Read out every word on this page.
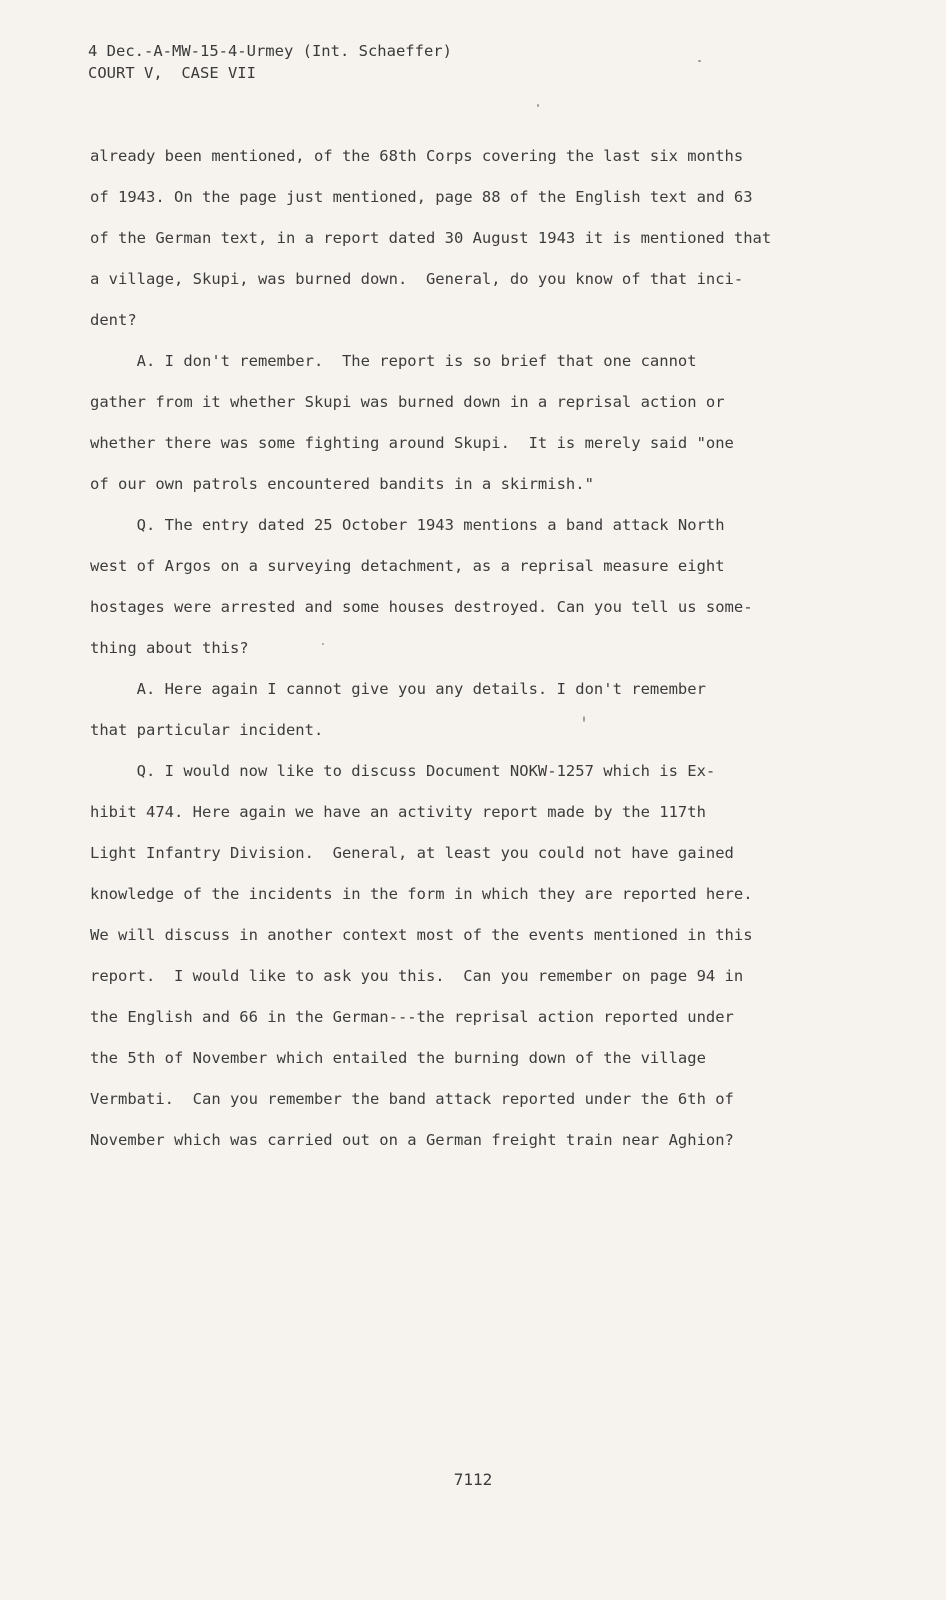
4 Dec.-A-MW-15-4-Urmey (Int. Schaeffer)
COURT V,  CASE VII
already been mentioned, of the 68th Corps covering the last six months
of 1943. On the page just mentioned, page 88 of the English text and 63
of the German text, in a report dated 30 August 1943 it is mentioned that
a village, Skupi, was burned down.  General, do you know of that inci-
dent?
A. I don't remember.  The report is so brief that one cannot
gather from it whether Skupi was burned down in a reprisal action or
whether there was some fighting around Skupi.  It is merely said "one
of our own patrols encountered bandits in a skirmish."
Q. The entry dated 25 October 1943 mentions a band attack North
west of Argos on a surveying detachment, as a reprisal measure eight
hostages were arrested and some houses destroyed. Can you tell us some-
thing about this?
A. Here again I cannot give you any details. I don't remember
that particular incident.
Q. I would now like to discuss Document NOKW-1257 which is Ex-
hibit 474. Here again we have an activity report made by the 117th
Light Infantry Division.  General, at least you could not have gained
knowledge of the incidents in the form in which they are reported here.
We will discuss in another context most of the events mentioned in this
report.  I would like to ask you this.  Can you remember on page 94 in
the English and 66 in the German---the reprisal action reported under
the 5th of November which entailed the burning down of the village
Vermbati.  Can you remember the band attack reported under the 6th of
November which was carried out on a German freight train near Aghion?
7112
